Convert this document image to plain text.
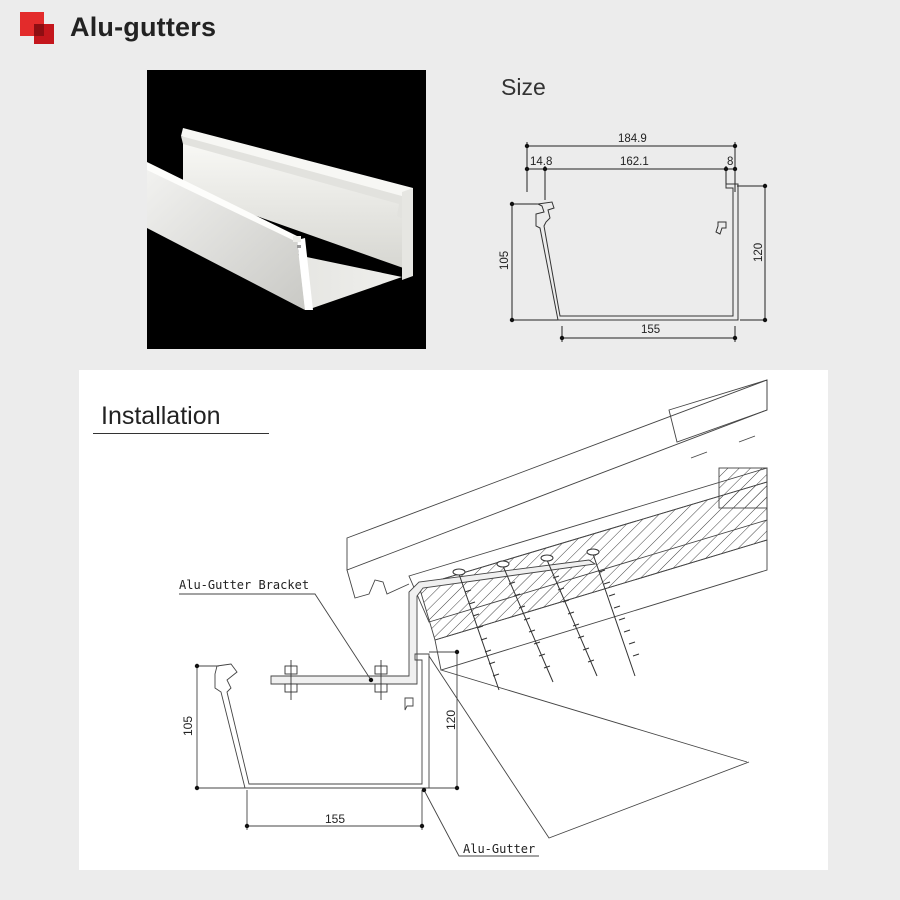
Alu-gutters
Size
184.9
14.8	162.1	8
155
105	120
Installation
Alu-Gutter Bracket
Alu-Gutter
155
105	120
